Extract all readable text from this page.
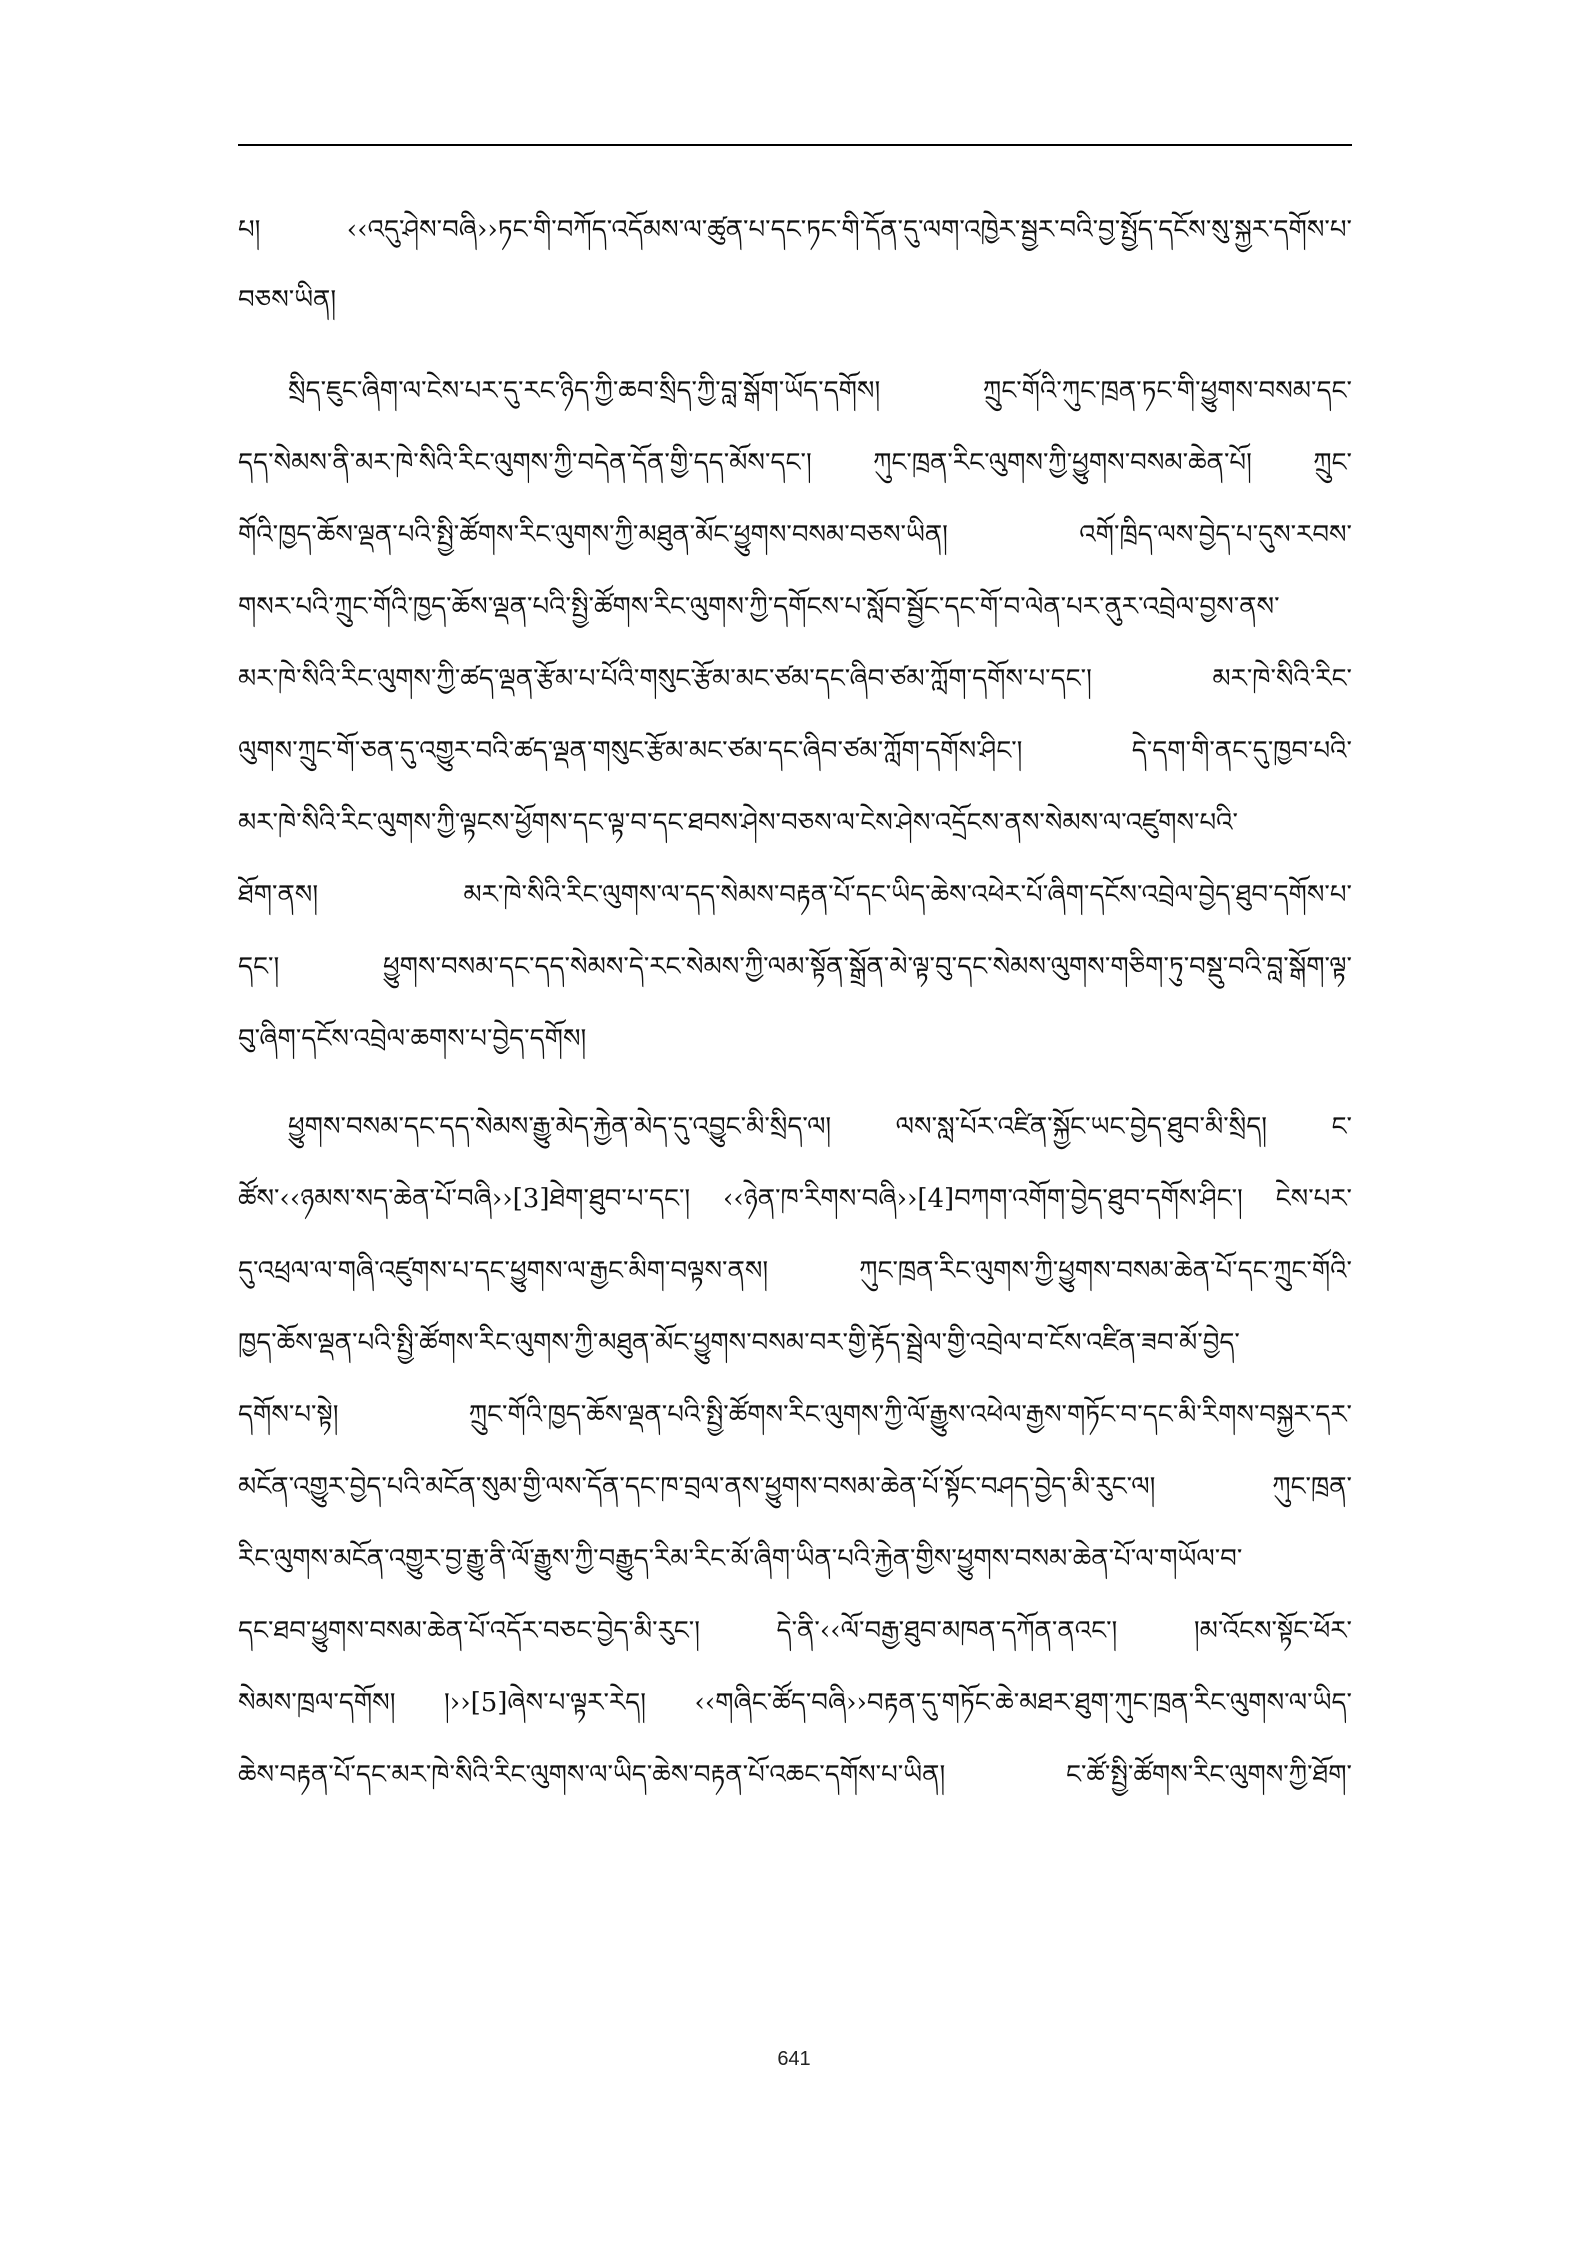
པ། ‹‹འདུ་ཤེས་བཞི››ཏང་གི་བཀོད་འདོམས་ལ་ཚུན་པ་དང་ཏང་གི་དོན་དུ་ལག་འཁྱེར་སྦྱར་བའི་བྱ་སྤྱོད་དངོས་སུ་སྐྱར་དགོས་པ་
བཅས་ཡིན།
སྲིད་ཇུང་ཞིག་ལ་ངེས་པར་དུ་རང་ཉིད་ཀྱི་ཆབ་སྲིད་ཀྱི་བླ་སྒོག་ཡོད་དགོས། ཀྲུང་གོའི་ཀུང་ཁྲན་ཏང་གི་ཕྱུགས་བསམ་དང་
དད་སེམས་ནི་མར་ཁེ་སིའི་རིང་ལུགས་ཀྱི་བདེན་དོན་གྱི་དད་མོས་དང་། ཀུང་ཁྲན་རིང་ལུགས་ཀྱི་ཕྱུགས་བསམ་ཆེན་པོ། ཀྲུང་
གོའི་ཁྱད་ཆོས་ལྡན་པའི་སྤྱི་ཚོགས་རིང་ལུགས་ཀྱི་མཐུན་མོང་ཕྱུགས་བསམ་བཅས་ཡིན། འགོ་ཁྲིད་ལས་བྱེད་པ་དུས་རབས་
གསར་པའི་ཀྲུང་གོའི་ཁྱད་ཆོས་ལྡན་པའི་སྤྱི་ཚོགས་རིང་ལུགས་ཀྱི་དགོངས་པ་སློབ་སྦྱོང་དང་གོ་བ་ལེན་པར་ནུར་འབྲེལ་བྱས་ནས་
མར་ཁེ་སིའི་རིང་ལུགས་ཀྱི་ཚད་ལྡན་རྩོམ་པ་པོའི་གསུང་རྩོམ་མང་ཙམ་དང་ཞིབ་ཙམ་ཀློག་དགོས་པ་དང་། མར་ཁེ་སིའི་རིང་
ལུགས་ཀྲུང་གོ་ཅན་དུ་འགྱུར་བའི་ཚད་ལྡན་གསུང་རྩོམ་མང་ཙམ་དང་ཞིབ་ཙམ་ཀློག་དགོས་ཤིང་། དེ་དག་གི་ནང་དུ་ཁྱབ་པའི་
མར་ཁེ་སིའི་རིང་ལུགས་ཀྱི་ལྟངས་ཕྱོགས་དང་ལྟ་བ་དང་ཐབས་ཤེས་བཅས་ལ་ངེས་ཤེས་འདྲོངས་ནས་སེམས་ལ་འཛུགས་པའི་
ཐོག་ནས། མར་ཁེ་སིའི་རིང་ལུགས་ལ་དད་སེམས་བརྟན་པོ་དང་ཡིད་ཆེས་འཕེར་པོ་ཞིག་དངོས་འབྲེལ་བྱེད་ཐུབ་དགོས་པ་
དང་། ཕྱུགས་བསམ་དང་དད་སེམས་དེ་རང་སེམས་ཀྱི་ལམ་སྟོན་སྒྲོན་མེ་ལྟ་བུ་དང་སེམས་ལུགས་གཅིག་ཏུ་བསྡུ་བའི་བླ་སྒོག་ལྟ་
བུ་ཞིག་དངོས་འབྲེལ་ཆགས་པ་བྱེད་དགོས།
ཕྱུགས་བསམ་དང་དད་སེམས་རྒྱུ་མེད་རྐྱེན་མེད་དུ་འབྱུང་མི་སྲིད་ལ། ལས་སླ་པོར་འཛིན་སྐྱོང་ཡང་བྱེད་ཐུབ་མི་སྲིད། ང་
ཚོས་‹‹ཉམས་སད་ཆེན་པོ་བཞི››[3]ཐེག་ཐུབ་པ་དང་། ‹‹ཉེན་ཁ་རིགས་བཞི››[4]བཀག་འགོག་བྱེད་ཐུབ་དགོས་ཤིང་། ངེས་པར་
དུ་འཕྲལ་ལ་གཞི་འཛུགས་པ་དང་ཕྱུགས་ལ་རྒྱང་མིག་བལྟས་ནས། ཀུང་ཁྲན་རིང་ལུགས་ཀྱི་ཕྱུགས་བསམ་ཆེན་པོ་དང་ཀྲུང་གོའི་
ཁྱད་ཆོས་ལྡན་པའི་སྤྱི་ཚོགས་རིང་ལུགས་ཀྱི་མཐུན་མོང་ཕྱུགས་བསམ་བར་གྱི་རྟོད་སྦྲེལ་གྱི་འབྲེལ་བ་ངོས་འཛིན་ཟབ་མོ་བྱེད་
དགོས་པ་སྟེ། ཀྲུང་གོའི་ཁྱད་ཆོས་ལྡན་པའི་སྤྱི་ཚོགས་རིང་ལུགས་ཀྱི་ལོ་རྒྱུས་འཕེལ་རྒྱས་གཏོང་བ་དང་མི་རིགས་བསྐྱར་དར་
མངོན་འགྱུར་བྱེད་པའི་མངོན་སུམ་གྱི་ལས་དོན་དང་ཁ་བྲལ་ནས་ཕྱུགས་བསམ་ཆེན་པོ་སྟོང་བཤད་བྱེད་མི་རུང་ལ། ཀུང་ཁྲན་
རིང་ལུགས་མངོན་འགྱུར་བྱ་རྒྱུ་ནི་ལོ་རྒྱུས་ཀྱི་བརྒྱུད་རིམ་རིང་མོ་ཞིག་ཡིན་པའི་རྐྱེན་གྱིས་ཕྱུགས་བསམ་ཆེན་པོ་ལ་གཡོལ་བ་
དང་ཐབ་ཕྱུགས་བསམ་ཆེན་པོ་འདོར་བཅང་བྱེད་མི་རུང་། དེ་ནི་‹‹ལོ་བརྒྱ་ཐུབ་མཁན་དཀོན་ནའང་། །མ་འོངས་སྟོང་ཕོར་
སེམས་ཁྲལ་དགོས། །››[5]ཞེས་པ་ལྟར་རེད། ‹‹གཞིང་ཚོད་བཞི››བརྟན་དུ་གཏོང་ཆེ་མཐར་ཐུག་ཀུང་ཁྲན་རིང་ལུགས་ལ་ཡིད་
ཆེས་བརྟན་པོ་དང་མར་ཁེ་སིའི་རིང་ལུགས་ལ་ཡིད་ཆེས་བརྟན་པོ་འཆང་དགོས་པ་ཡིན། ང་ཚོ་སྤྱི་ཚོགས་རིང་ལུགས་ཀྱི་ཐོག་
641
